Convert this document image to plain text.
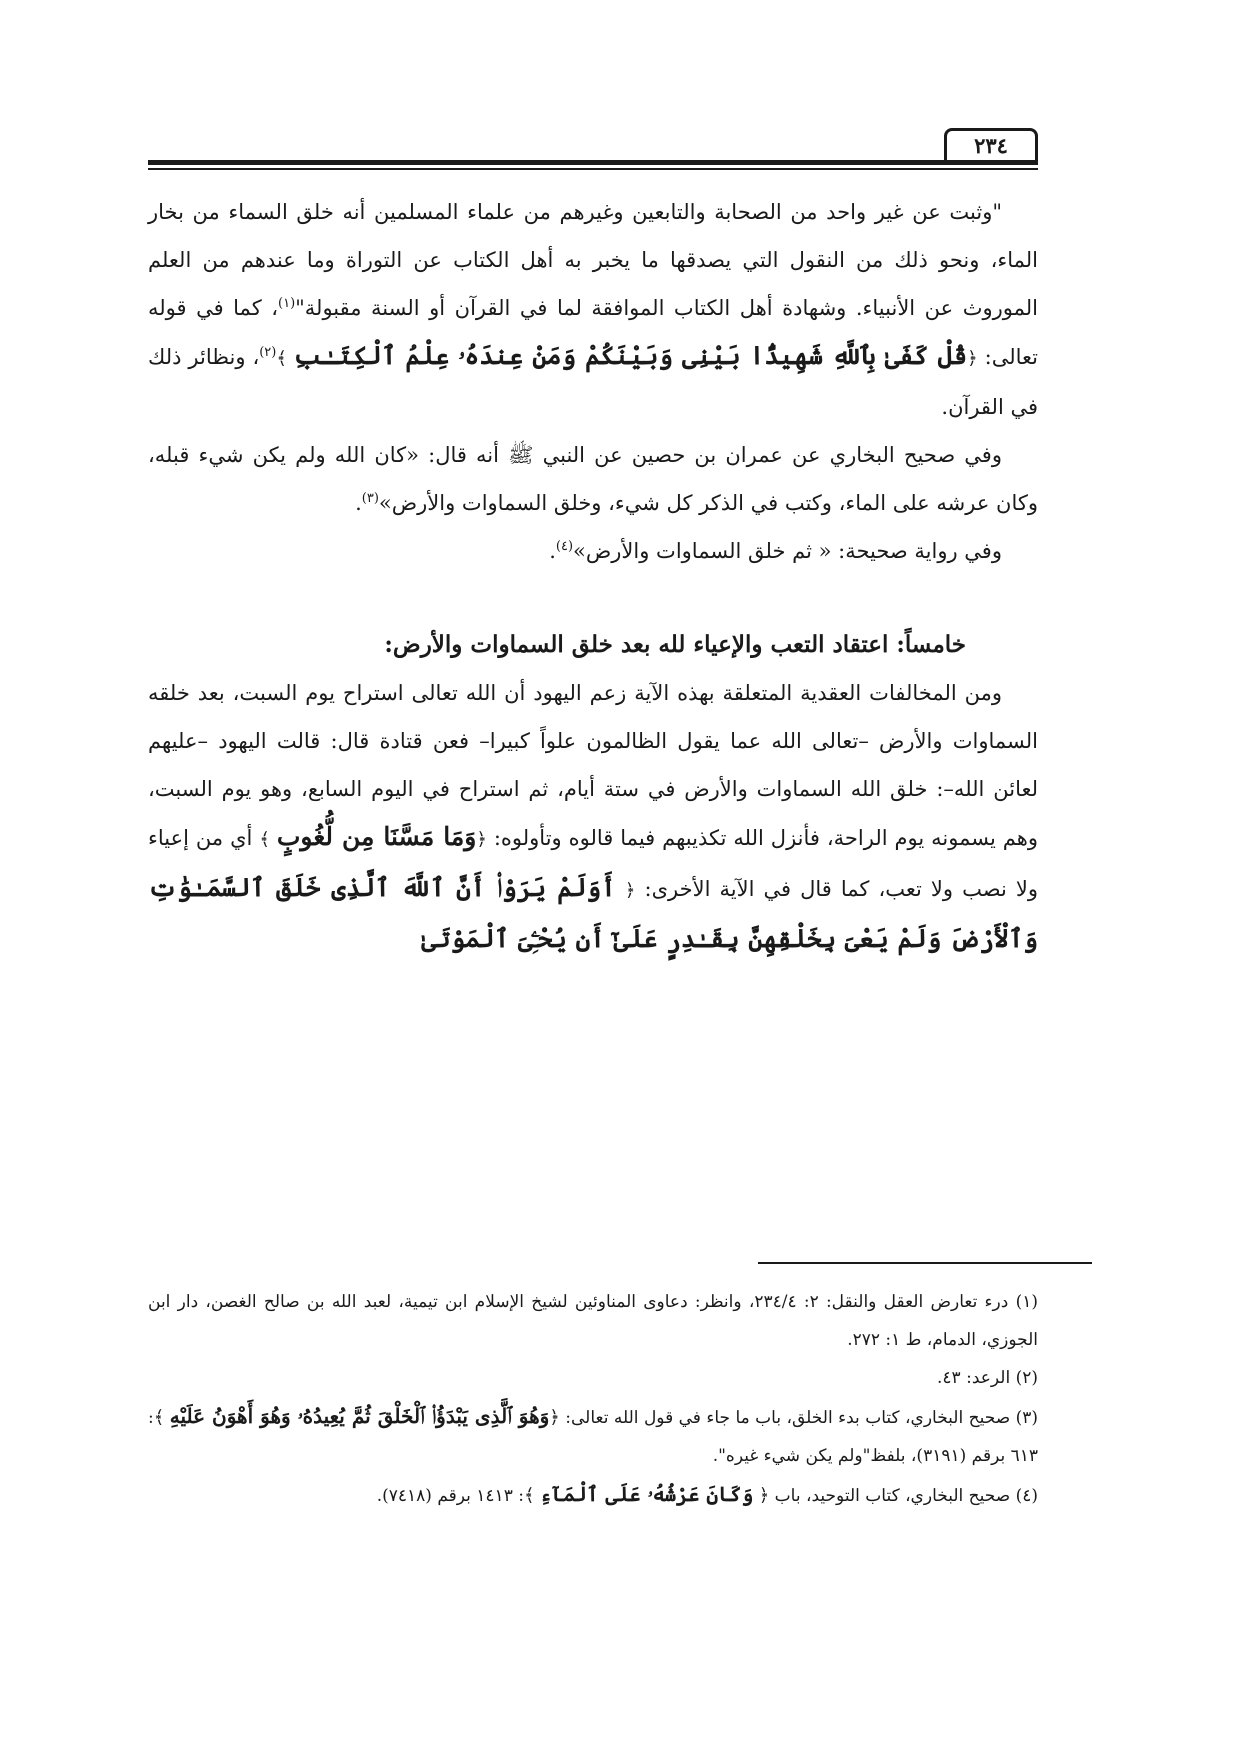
٢٣٤

"وثبت عن غير واحد من الصحابة والتابعين وغيرهم من علماء المسلمين أنه خلق السماء من بخار الماء، ونحو ذلك من النقول التي يصدقها ما يخبر به أهل الكتاب عن التوراة وما عندهم من العلم الموروث عن الأنبياء. وشهادة أهل الكتاب الموافقة لما في القرآن أو السنة مقبولة"$^{(١)}$، كما في قوله تعالى: ﴿قُلْ كَفَىٰ بِٱللَّهِ شَهِيدًۢا بَيْنِى وَبَيْنَكُمْ وَمَنْ عِندَهُۥ عِلْمُ ٱلْكِتَـٰبِ ﴾$^{(٢)}$، ونظائر ذلك في القرآن.

وفي صحيح البخاري عن عمران بن حصين عن النبي ﷺ أنه قال: «كان الله ولم يكن شيء قبله، وكان عرشه على الماء، وكتب في الذكر كل شيء، وخلق السماوات والأرض»$^{(٣)}$.

وفي رواية صحيحة: « ثم خلق السماوات والأرض»$^{(٤)}$.

خامساً: اعتقاد التعب والإعياء لله بعد خلق السماوات والأرض:

ومن المخالفات العقدية المتعلقة بهذه الآية زعم اليهود أن الله تعالى استراح يوم السبت، بعد خلقه السماوات والأرض –تعالى الله عما يقول الظالمون علواً كبيرا– فعن قتادة قال: قالت اليهود –عليهم لعائن الله–: خلق الله السماوات والأرض في ستة أيام، ثم استراح في اليوم السابع، وهو يوم السبت، وهم يسمونه يوم الراحة، فأنزل الله تكذيبهم فيما قالوه وتأولوه: ﴿وَمَا مَسَّنَا مِن لُّغُوبٍ ﴾ أي من إعياء ولا نصب ولا تعب، كما قال في الآية الأخرى: ﴿ أَوَلَمْ يَرَوْا۟ أَنَّ ٱللَّهَ ٱلَّذِى خَلَقَ ٱلسَّمَـٰوَٰتِ وَٱلْأَرْضَ وَلَمْ يَعْىَ بِخَلْقِهِنَّ بِقَـٰدِرٍ عَلَىٰٓ أَن يُحْـِۧىَ ٱلْمَوْتَىٰ

(١) درء تعارض العقل والنقل: ٢: ٢٣٤/٤، وانظر: دعاوى المناوئين لشيخ الإسلام ابن تيمية، لعبد الله بن صالح الغصن، دار ابن الجوزي، الدمام، ط ١: ٢٧٢.

(٢) الرعد: ٤٣.

(٣) صحيح البخاري، كتاب بدء الخلق، باب ما جاء في قول الله تعالى: ﴿وَهُوَ ٱلَّذِى يَبْدَؤُا۟ ٱلْخَلْقَ ثُمَّ يُعِيدُهُۥ وَهُوَ أَهْوَنُ عَلَيْهِ ﴾: ٦١٣ برقم (٣١٩١)، بلفظ"ولم يكن شيء غيره".

(٤) صحيح البخاري، كتاب التوحيد، باب ﴿ وَكَانَ عَرْشُهُۥ عَلَى ٱلْمَآءِ ﴾: ١٤١٣ برقم (٧٤١٨).
